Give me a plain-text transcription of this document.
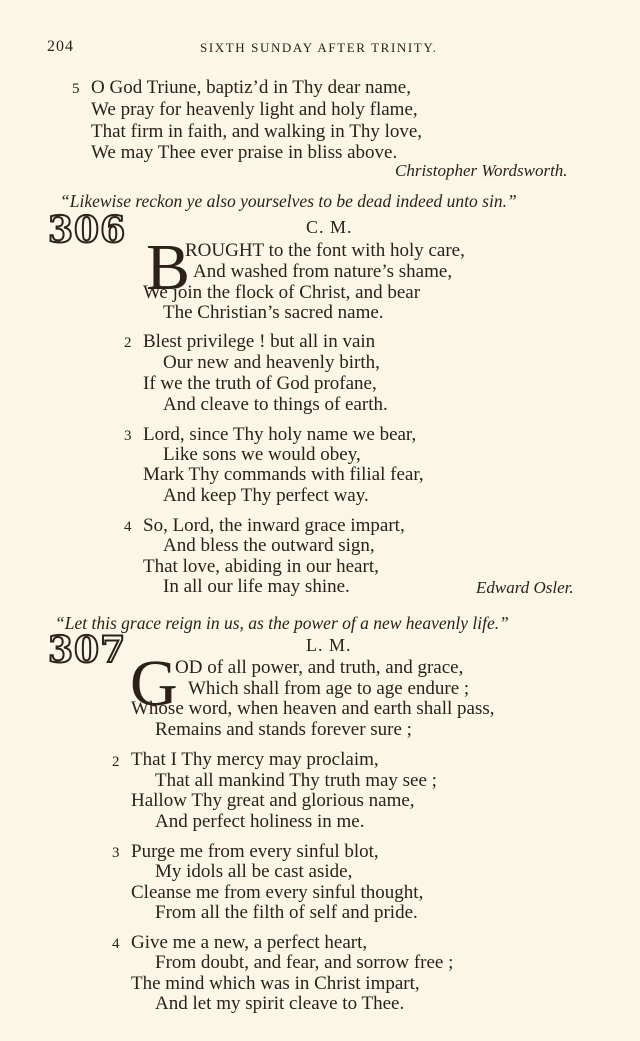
204	SIXTH SUNDAY AFTER TRINITY.
5 O God Triune, baptiz’d in Thy dear name,
We pray for heavenly light and holy flame,
That firm in faith, and walking in Thy love,
We may Thee ever praise in bliss above.
Christopher Wordsworth.
“Likewise reckon ye also yourselves to be dead indeed unto sin.”
306	C. M.
B
ROUGHT to the font with holy care,
And washed from nature’s shame,
We join the flock of Christ, and bear
The Christian’s sacred name.
2 Blest privilege ! but all in vain
Our new and heavenly birth,
If we the truth of God profane,
And cleave to things of earth.
3 Lord, since Thy holy name we bear,
Like sons we would obey,
Mark Thy commands with filial fear,
And keep Thy perfect way.
4 So, Lord, the inward grace impart,
And bless the outward sign,
That love, abiding in our heart,
In all our life may shine.	Edward Osler.
“Let this grace reign in us, as the power of a new heavenly life.”
307	L. M.
G
OD of all power, and truth, and grace,
Which shall from age to age endure ;
Whose word, when heaven and earth shall pass,
Remains and stands forever sure ;
2 That I Thy mercy may proclaim,
That all mankind Thy truth may see ;
Hallow Thy great and glorious name,
And perfect holiness in me.
3 Purge me from every sinful blot,
My idols all be cast aside,
Cleanse me from every sinful thought,
From all the filth of self and pride.
4 Give me a new, a perfect heart,
From doubt, and fear, and sorrow free ;
The mind which was in Christ impart,
And let my spirit cleave to Thee.
